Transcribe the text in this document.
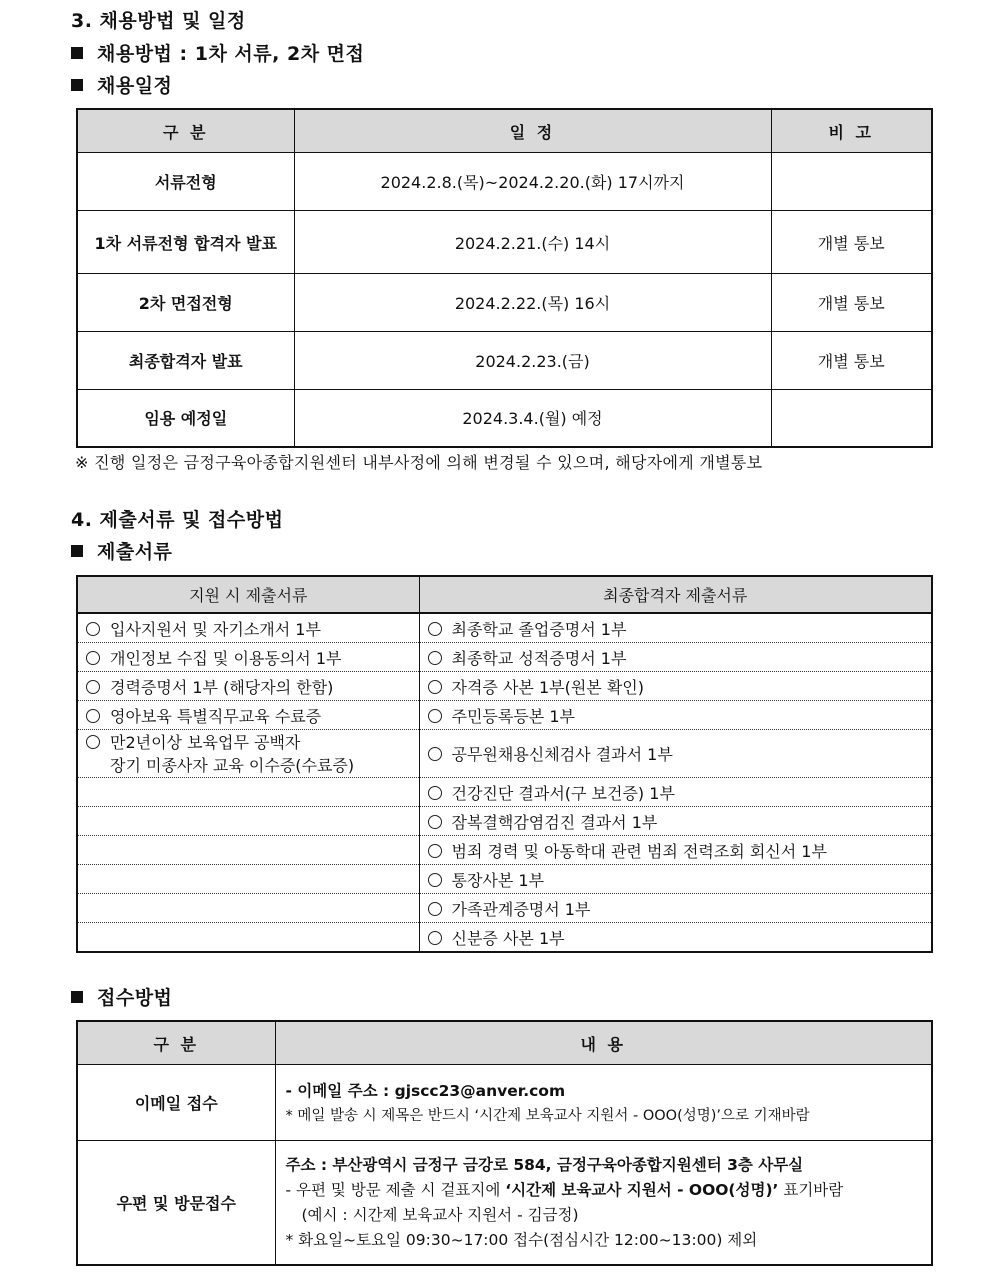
3. 채용방법 및 일정
채용방법 : 1차 서류, 2차 면접
채용일정
구 분	일 정	비 고
서류전형	2024.2.8.(목)~2024.2.20.(화) 17시까지	
1차 서류전형 합격자 발표	2024.2.21.(수) 14시	개별 통보
2차 면접전형	2024.2.22.(목) 16시	개별 통보
최종합격자 발표	2024.2.23.(금)	개별 통보
임용 예정일	2024.3.4.(월) 예정	
※ 진행 일정은 금정구육아종합지원센터 내부사정에 의해 변경될 수 있으며, 해당자에게 개별통보
4. 제출서류 및 접수방법
제출서류
지원 시 제출서류	최종합격자 제출서류
입사지원서 및 자기소개서 1부	최종학교 졸업증명서 1부
개인정보 수집 및 이용동의서 1부	최종학교 성적증명서 1부
경력증명서 1부 (해당자의 한함)	자격증 사본 1부(원본 확인)
영아보육 특별직무교육 수료증	주민등록등본 1부
만2년이상 보육업무 공백자
장기 미종사자 교육 이수증(수료증)	공무원채용신체검사 결과서 1부
	건강진단 결과서(구 보건증) 1부
	잠복결핵감염검진 결과서 1부
	범죄 경력 및 아동학대 관련 범죄 전력조회 회신서 1부
	통장사본 1부
	가족관계증명서 1부
	신분증 사본 1부
접수방법
구 분	내 용
이메일 접수	- 이메일 주소 : gjscc23@anver.com
* 메일 발송 시 제목은 반드시 ‘시간제 보육교사 지원서 - OOO(성명)’으로 기재바람

우편 및 방문접수	주소 : 부산광역시 금정구 금강로 584, 금정구육아종합지원센터 3층 사무실
- 우편 및 방문 제출 시 겉표지에 ‘시간제 보육교사 지원서 - OOO(성명)’ 표기바람
(예시 : 시간제 보육교사 지원서 - 김금정)
* 화요일~토요일 09:30~17:00 접수(점심시간 12:00~13:00) 제외
